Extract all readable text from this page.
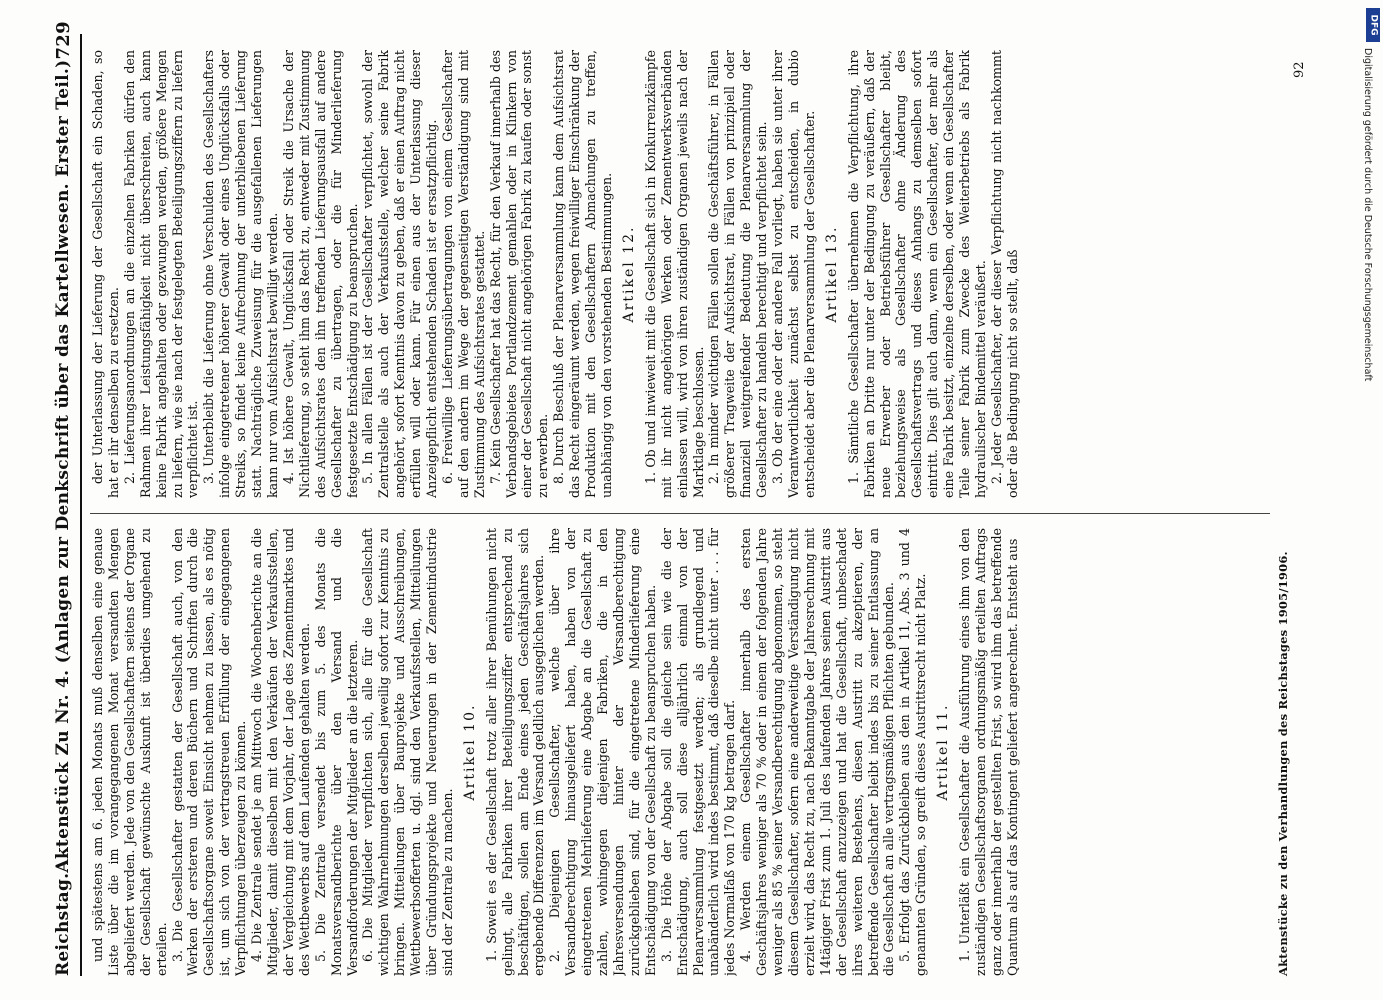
Reichstag.
Aktenstück Zu Nr. 4. (Anlagen zur Denkschrift über das Kartellwesen. Erster Teil.)
729

und spätestens am 6. jeden Monats muß denselben eine genaue Liste über die im vorangegangenen Monat versandten Mengen abgeliefert werden. Jede von den Gesellschaftern seitens der Organe der Gesellschaft gewünschte Auskunft ist überdies umgehend zu erteilen. 3. Die Gesellschafter gestatten der Gesellschaft auch, von den Werken der ersteren und deren Büchern und Schriften durch die Gesellschaftsorgane soweit Einsicht nehmen zu lassen, als es nötig ist, um sich von der vertragstreuen Erfüllung der eingegangenen Verpflichtungen überzeugen zu können. 4. Die Zentrale sendet je am Mittwoch die Wochenberichte an die Mitglieder, damit dieselben mit den Verkäufen der Verkaufsstellen, der Vergleichung mit dem Vorjahr, der Lage des Zementmarktes und des Wettbewerbs auf dem Laufenden gehalten werden. 5. Die Zentrale versendet bis zum 5. des Monats die Monatsversandberichte über den Versand und die Versandforderungen der Mitglieder an die letzteren. 6. Die Mitglieder verpflichten sich, alle für die Gesellschaft wichtigen Wahrnehmungen derselben jeweilig sofort zur Kenntnis zu bringen. Mitteilungen über Bauprojekte und Ausschreibungen, Wettbewerbsofferten u. dgl. sind den Verkaufsstellen, Mitteilungen über Gründungsprojekte und Neuerungen in der Zementindustrie sind der Zentrale zu machen.

Artikel 10. 1. Soweit es der Gesellschaft trotz aller ihrer Bemühungen nicht gelingt, alle Fabriken ihrer Beteiligungsziffer entsprechend zu beschäftigen, sollen am Ende eines jeden Geschäftsjahres sich ergebende Differenzen im Versand geldlich ausgeglichen werden. 2. Diejenigen Gesellschafter, welche über ihre Versandberechtigung hinausgeliefert haben, haben von der eingetretenen Mehrlieferung eine Abgabe an die Gesellschaft zu zahlen, wohingegen diejenigen Fabriken, die in den Jahresversendungen hinter der Versandberechtigung zurückgeblieben sind, für die eingetretene Minderlieferung eine Entschädigung von der Gesellschaft zu beanspruchen haben. 3. Die Höhe der Abgabe soll die gleiche sein wie die der Entschädigung, auch soll diese alljährlich einmal von der Plenarversammlung festgesetzt werden; als grundlegend und unabänderlich wird indes bestimmt, daß dieselbe nicht unter . . . für jedes Normalfaß von 170 kg betragen darf. 4. Werden einem Gesellschafter innerhalb des ersten Geschäftsjahres weniger als 70 % oder in einem der folgenden Jahre weniger als 85 % seiner Versandberechtigung abgenommen, so steht diesem Gesellschafter, sofern eine anderweitige Verständigung nicht erzielt wird, das Recht zu, nach Bekanntgabe der Jahresrechnung mit 14tägiger Frist zum 1. Juli des laufenden Jahres seinen Austritt aus der Gesellschaft anzuzeigen und hat die Gesellschaft, unbeschadet ihres weiteren Bestehens, diesen Austritt zu akzeptieren, der betreffende Gesellschafter bleibt indes bis zu seiner Entlassung an die Gesellschaft an alle vertragsmäßigen Pflichten gebunden. 5. Erfolgt das Zurückbleiben aus den in Artikel 11, Abs. 3 und 4 genannten Gründen, so greift dieses Austrittsrecht nicht Platz. Artikel 11. 1. Unterläßt ein Gesellschafter die Ausführung eines ihm von den zuständigen Gesellschaftsorganen ordnungsmäßig erteilten Auftrags ganz oder innerhalb der gestellten Frist, so wird ihm das betreffende Quantum als auf das Kontingent geliefert angerechnet. Entsteht aus

der Unterlassung der Lieferung der Gesellschaft ein Schaden, so hat er ihr denselben zu ersetzen. 2. Lieferungsanordnungen an die einzelnen Fabriken dürfen den Rahmen ihrer Leistungsfähigkeit nicht überschreiten, auch kann keine Fabrik angehalten oder gezwungen werden, größere Mengen zu liefern, wie sie nach der festgelegten Beteiligungsziffern zu liefern verpflichtet ist. 3. Unterbleibt die Lieferung ohne Verschulden des Gesellschafters infolge eingetretener höherer Gewalt oder eines Unglücksfalls oder Streiks, so findet keine Aufrechnung der unterbliebenen Lieferung statt. Nachträgliche Zuweisung für die ausgefallenen Lieferungen kann nur vom Aufsichtsrat bewilligt werden. 4. Ist höhere Gewalt, Unglücksfall oder Streik die Ursache der Nichtlieferung, so steht ihm das Recht zu, entweder mit Zustimmung des Aufsichtsrates den ihn treffenden Lieferungsausfall auf andere Gesellschafter zu übertragen, oder die für Minderlieferung festgesetzte Entschädigung zu beanspruchen. 5. In allen Fällen ist der Gesellschafter verpflichtet, sowohl der Zentralstelle als auch der Verkaufsstelle, welcher seine Fabrik angehört, sofort Kenntnis davon zu geben, daß er einen Auftrag nicht erfüllen will oder kann. Für einen aus der Unterlassung dieser Anzeigepflicht entstehenden Schaden ist er ersatzpflichtig. 6. Freiwillige Lieferungsübertragungen von einem Gesellschafter auf den andern im Wege der gegenseitigen Verständigung sind mit Zustimmung des Aufsichtsrates gestattet. 7. Kein Gesellschafter hat das Recht, für den Verkauf innerhalb des Verbandsgebietes Portlandzement gemahlen oder in Klinkern von einer der Gesellschaft nicht angehörigen Fabrik zu kaufen oder sonst zu erwerben. 8. Durch Beschluß der Plenarversammlung kann dem Aufsichtsrat das Recht eingeräumt werden, wegen freiwilliger Einschränkung der Produktion mit den Gesellschaftern Abmachungen zu treffen, unabhängig von den vorstehenden Bestimmungen. Artikel 12. 1. Ob und inwieweit mit die Gesellschaft sich in Konkurrenzkämpfe mit ihr nicht angehörigen Werken oder Zementwerksverbänden einlassen will, wird von ihren zuständigen Organen jeweils nach der Marktlage beschlossen. 2. In minder wichtigen Fällen sollen die Geschäftsführer, in Fällen größerer Tragweite der Aufsichtsrat, in Fällen von prinzipiell oder finanziell weitgreifender Bedeutung die Plenarversammlung der Gesellschafter zu handeln berechtigt und verpflichtet sein. 3. Ob der eine oder der andere Fall vorliegt, haben sie unter ihrer Verantwortlichkeit zunächst selbst zu entscheiden, in dubio entscheidet aber die Plenarversammlung der Gesellschafter. Artikel 13. 1. Sämtliche Gesellschafter übernehmen die Verpflichtung, ihre Fabriken an Dritte nur unter der Bedingung zu veräußern, daß der neue Erwerber oder Betriebsführer Gesellschafter bleibt, beziehungsweise als Gesellschafter ohne Änderung des Gesellschaftsvertrags und dieses Anhangs zu demselben sofort eintritt. Dies gilt auch dann, wenn ein Gesellschafter, der mehr als eine Fabrik besitzt, einzelne derselben, oder wenn ein Gesellschafter Teile seiner Fabrik zum Zwecke des Weiterbetriebs als Fabrik hydraulischer Bindemittel veräußert. 2. Jeder Gesellschafter, der dieser Verpflichtung nicht nachkommt oder die Bedingung nicht so stellt, daß

Aktenstücke zu den Verhandlungen des Reichstages 1905/1906.
92
DFG
Digitalisierung gefördert durch die Deutsche Forschungsgemeinschaft
